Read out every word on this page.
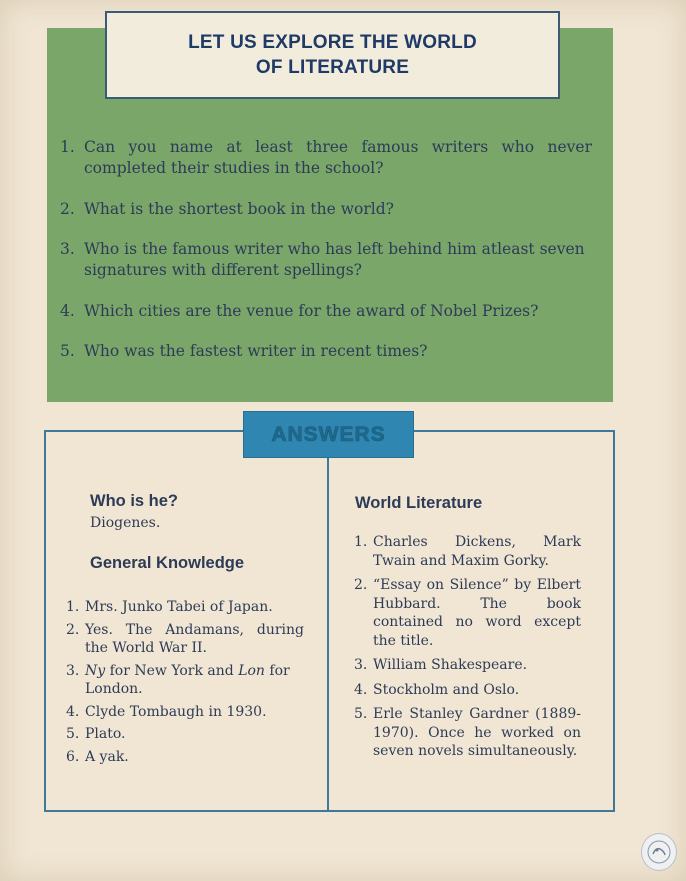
LET US EXPLORE THE WORLD
OF LITERATURE
1. Can you name at least three famous writers who never completed their studies in the school?
2. What is the shortest book in the world?
3. Who is the famous writer who has left behind him atleast seven signatures with different spellings?
4. Which cities are the venue for the award of Nobel Prizes?
5. Who was the fastest writer in recent times?
ANSWERS
Who is he?
Diogenes.
General Knowledge
1. Mrs. Junko Tabei of Japan.
2. Yes. The Andamans, during the World War II.
3. Ny for New York and Lon for London.
4. Clyde Tombaugh in 1930.
5. Plato.
6. A yak.
World Literature
1. Charles Dickens, Mark Twain and Maxim Gorky.
2. “Essay on Silence” by Elbert Hubbard. The book contained no word except the title.
3. William Shakespeare.
4. Stockholm and Oslo.
5. Erle Stanley Gardner (1889-1970). Once he worked on seven novels simultaneously.
